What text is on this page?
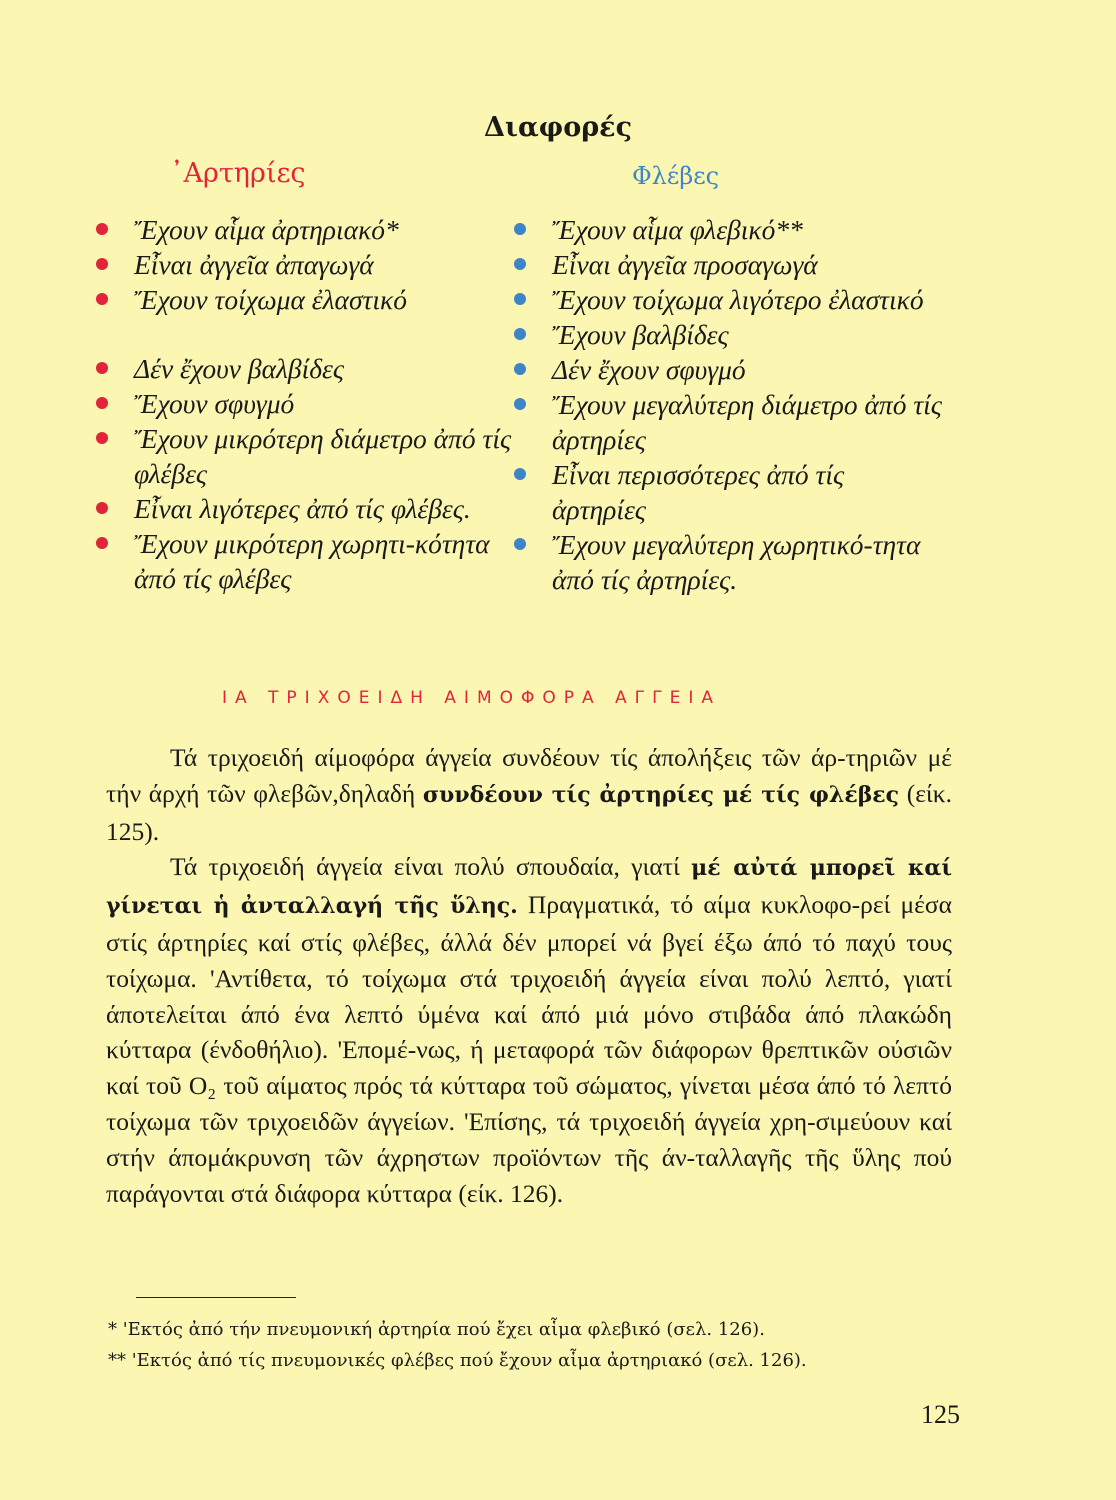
Διαφορές
᾿Αρτηρίες	Φλέβες
Ἔχουν αἷμα ἀρτηριακό*
Εἶναι ἀγγεῖα ἀπαγωγά
Ἔχουν τοίχωμα ἐλαστικό
Δέν ἔχουν βαλβίδες
Ἔχουν σφυγμό
Ἔχουν μικρότερη διάμετρο ἀπό τίς φλέβες
Εἶναι λιγότερες ἀπό τίς φλέβες.
Ἔχουν μικρότερη χωρητι-κότητα ἀπό τίς φλέβες
Ἔχουν αἷμα φλεβικό**
Εἶναι ἀγγεῖα προσαγωγά
Ἔχουν τοίχωμα λιγότερο ἐλαστικό
Ἔχουν βαλβίδες
Δέν ἔχουν σφυγμό
Ἔχουν μεγαλύτερη διάμετρο ἀπό τίς ἀρτηρίες
Εἶναι περισσότερες ἀπό τίς ἀρτηρίες
Ἔχουν μεγαλύτερη χωρητικό-τητα ἀπό τίς ἀρτηρίες.
ΙΑ ΤΡΙΧΟΕΙΔΗ ΑΙΜΟΦΟΡΑ ΑΓΓΕΙΑ

Τά τριχοειδή αίμοφόρα άγγεία συνδέουν τίς άπολήξεις τῶν άρ-τηριῶν μέ τήν άρχή τῶν φλεβῶν,δηλαδή συνδέουν τίς ἀρτηρίες μέ τίς φλέβες (είκ. 125).

Τά τριχοειδή άγγεία είναι πολύ σπουδαία, γιατί μέ αὐτά μπορεῖ καί γίνεται ἡ ἀνταλλαγή τῆς ὕλης. Πραγματικά, τό αίμα κυκλοφο-ρεί μέσα στίς άρτηρίες καί στίς φλέβες, άλλά δέν μπορεί νά βγεί έξω άπό τό παχύ τους τοίχωμα. 'Αντίθετα, τό τοίχωμα στά τριχοειδή άγγεία είναι πολύ λεπτό, γιατί άποτελείται άπό ένα λεπτό ύμένα καί άπό μιά μόνο στιβάδα άπό πλακώδη κύτταρα (ένδοθήλιο). 'Επομέ-νως, ή μεταφορά τῶν διάφορων θρεπτικῶν ούσιῶν καί τοῦ O₂ τοῦ αίματος πρός τά κύτταρα τοῦ σώματος, γίνεται μέσα άπό τό λεπτό τοίχωμα τῶν τριχοειδῶν άγγείων. 'Επίσης, τά τριχοειδή άγγεία χρη-σιμεύουν καί στήν άπομάκρυνση τῶν άχρηστων προϊόντων τῆς άν-ταλλαγῆς τῆς ὕλης πού παράγονται στά διάφορα κύτταρα (είκ. 126).

* 'Εκτός ἀπό τήν πνευμονική ἀρτηρία πού ἔχει αἷμα φλεβικό (σελ. 126).
** 'Εκτός ἀπό τίς πνευμονικές φλέβες πού ἔχουν αἷμα ἀρτηριακό (σελ. 126).
125
